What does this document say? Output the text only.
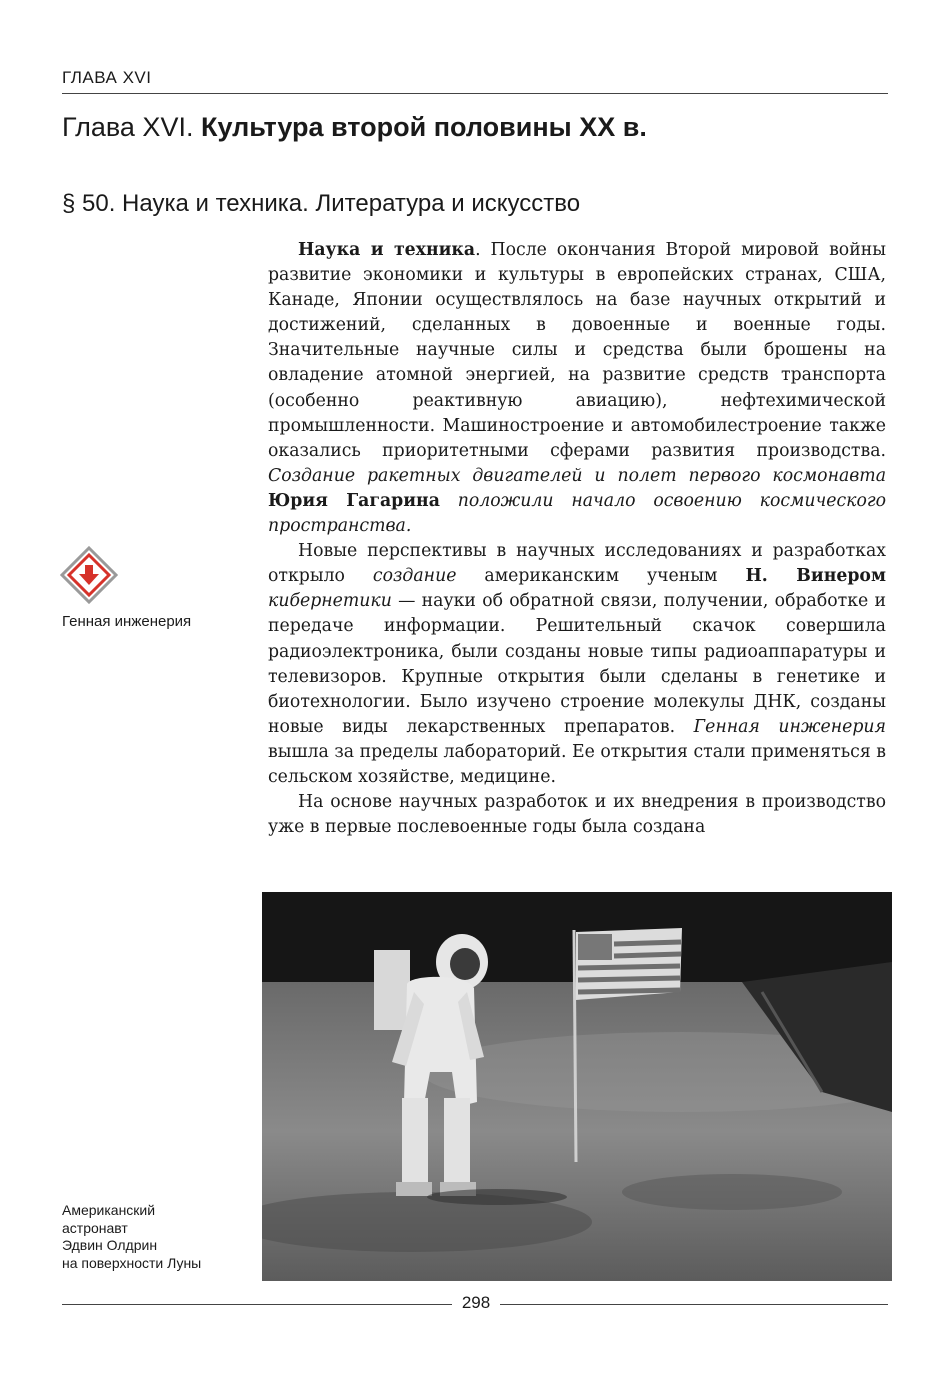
ГЛАВА XVI
Глава XVI. Культура второй половины XX в.
§ 50. Наука и техника. Литература и искусство

Наука и техника. После окончания Второй мировой войны развитие экономики и культуры в европейских странах, США, Канаде, Японии осуществлялось на базе научных открытий и достижений, сделанных в довоенные и военные годы. Значительные научные силы и средства были брошены на овладение атомной энергией, на развитие средств транспорта (особенно реактивную авиацию), нефтехимической промышленности. Машиностроение и автомобилестроение также оказались приоритетными сферами развития производства. Создание ракетных двигателей и полет первого космонавта Юрия Гагарина положили начало освоению космического пространства.

Новые перспективы в научных исследованиях и разработках открыло создание американским ученым Н. Винером кибернетики — науки об обратной связи, получении, обработке и передаче информации. Решительный скачок совершила радиоэлектроника, были созданы новые типы радиоаппаратуры и телевизоров. Крупные открытия были сделаны в генетике и биотехнологии. Было изучено строение молекулы ДНК, созданы новые виды лекарственных препаратов. Генная инженерия вышла за пределы лабораторий. Ее открытия стали применяться в сельском хозяйстве, медицине.

На основе научных разработок и их внедрения в производство уже в первые послевоенные годы была создана

Генная инженерия
Американский
астронавт
Эдвин Олдрин
на поверхности Луны
298
